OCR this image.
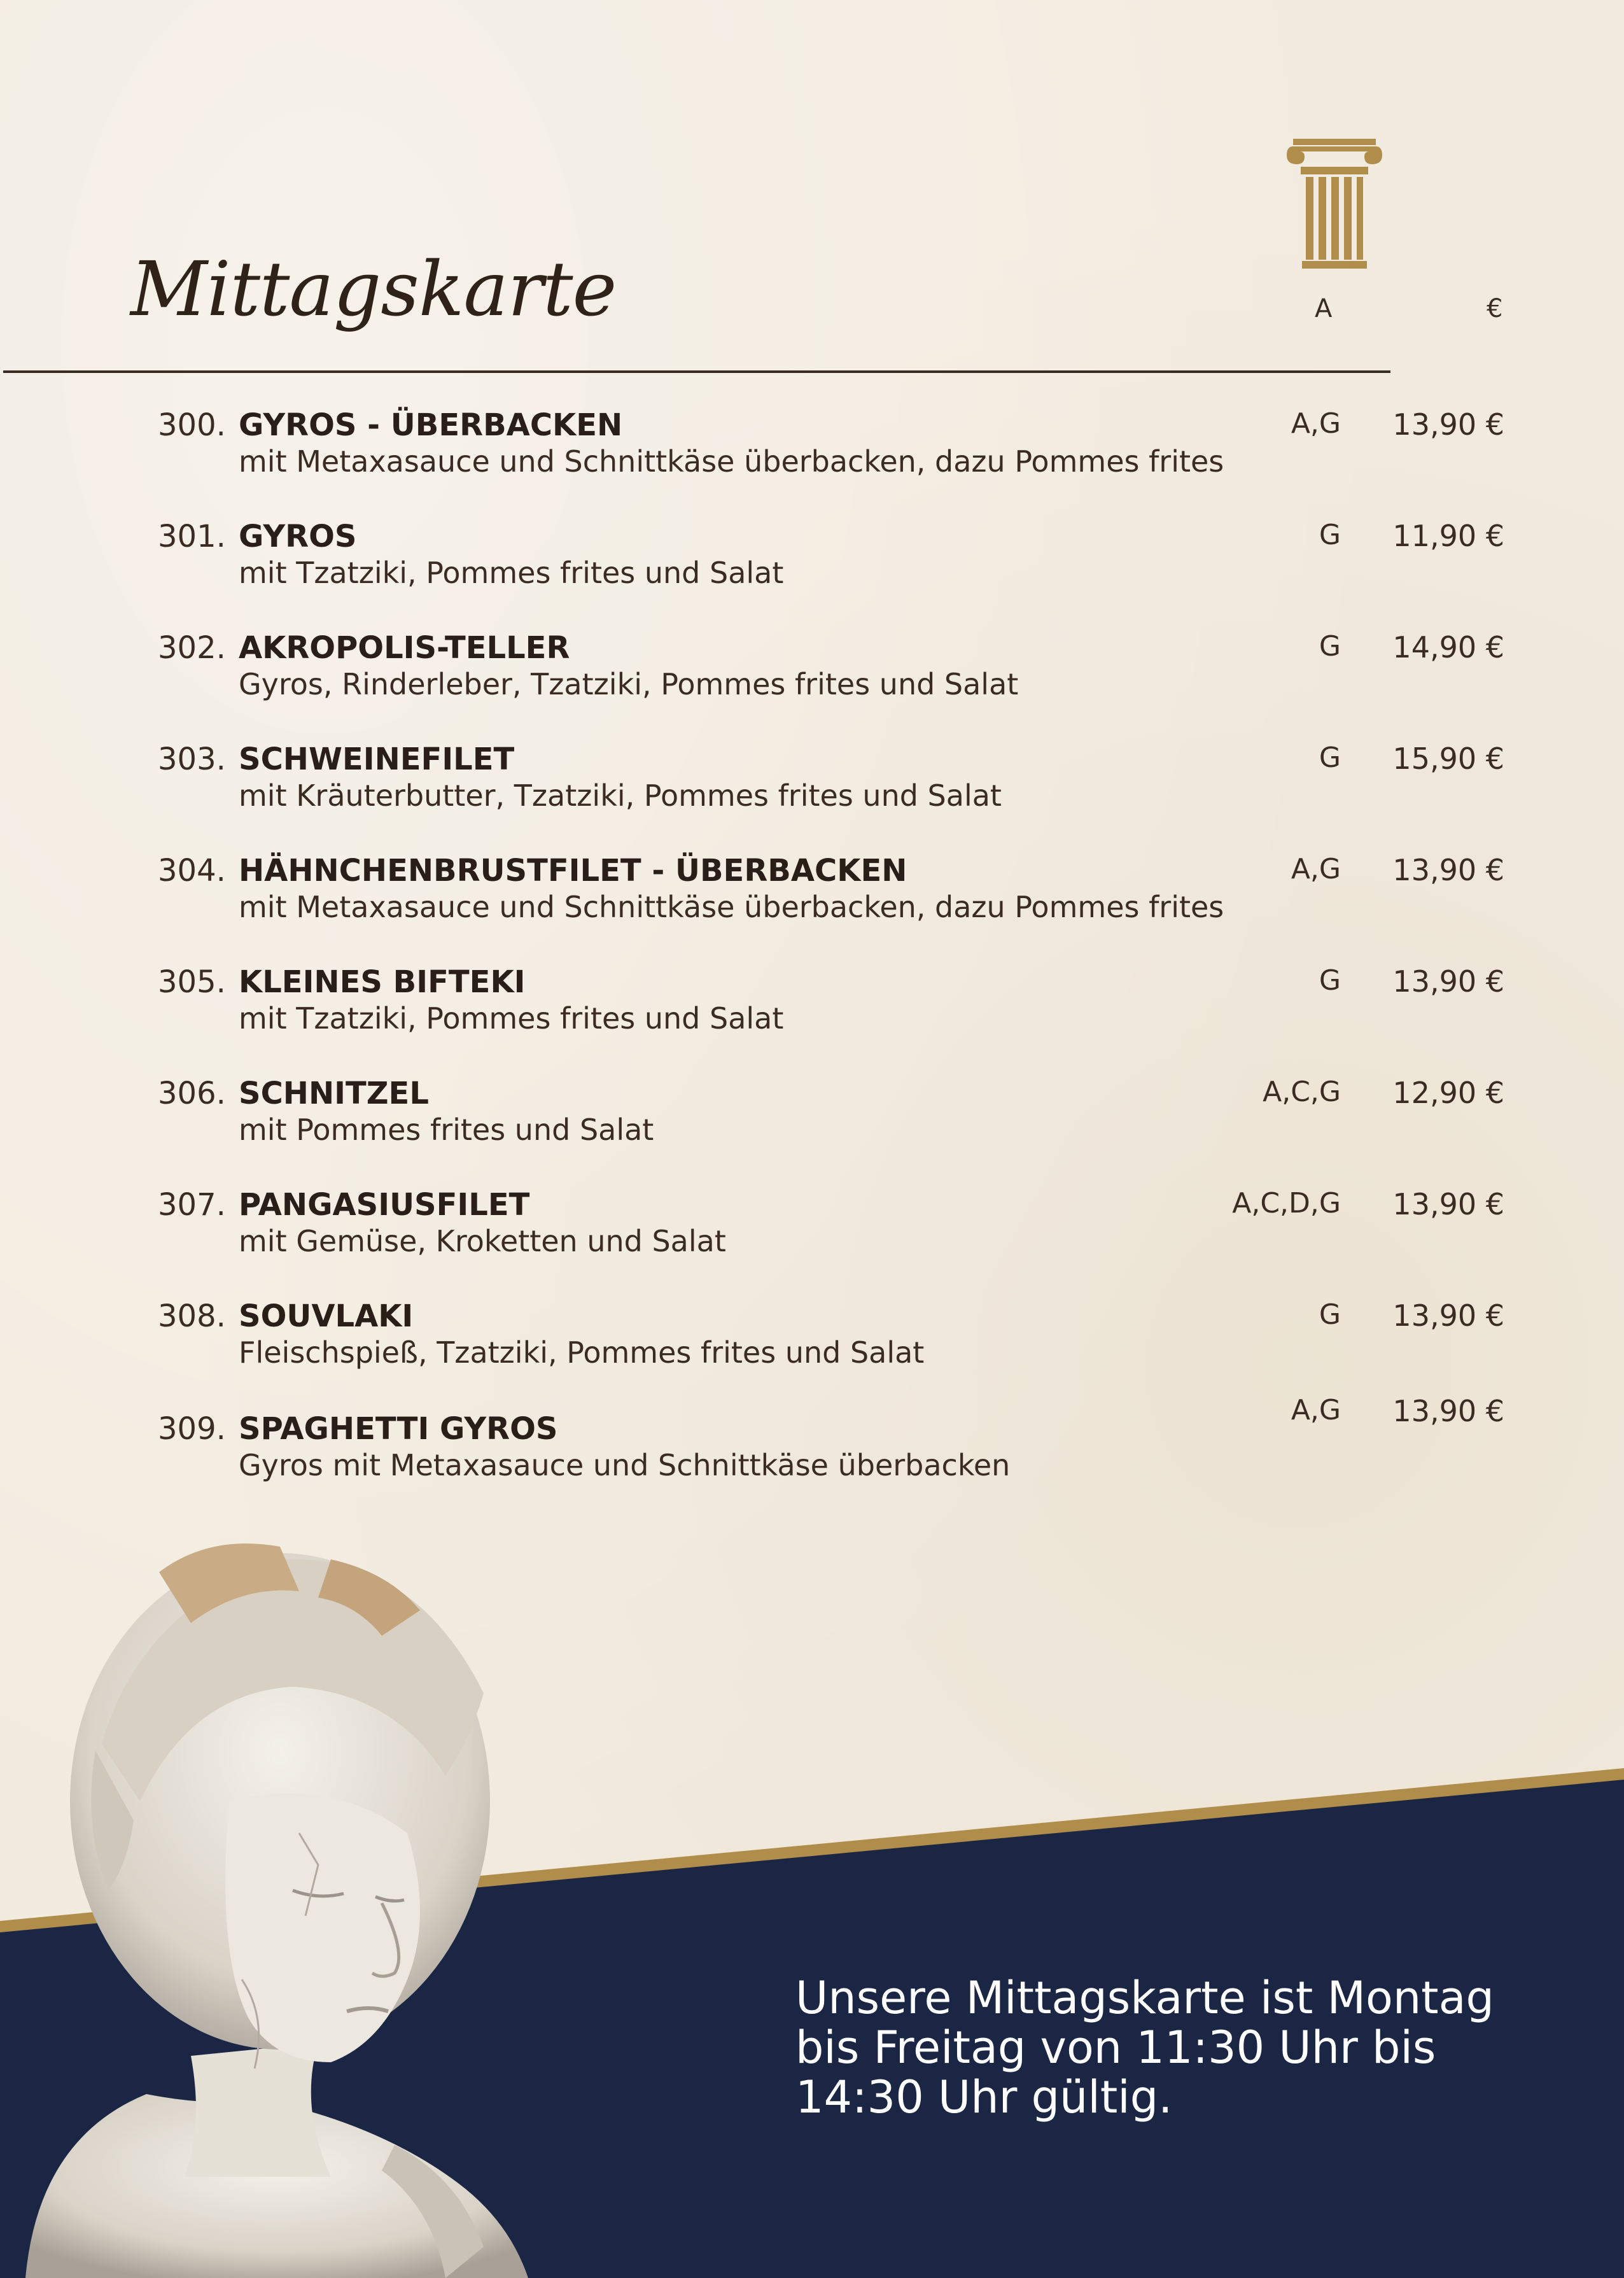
Mittagskarte	A	€
300. GYROS - ÜBERBACKEN
mit Metaxasauce und Schnittkäse überbacken, dazu Pommes frites
A,G 13,90 €
301. GYROS
mit Tzatziki, Pommes frites und Salat
G 11,90 €
302. AKROPOLIS-TELLER
Gyros, Rinderleber, Tzatziki, Pommes frites und Salat
G 14,90 €
303. SCHWEINEFILET
mit Kräuterbutter, Tzatziki, Pommes frites und Salat
G 15,90 €
304. HÄHNCHENBRUSTFILET - ÜBERBACKEN
mit Metaxasauce und Schnittkäse überbacken, dazu Pommes frites
A,G 13,90 €
305. KLEINES BIFTEKI
mit Tzatziki, Pommes frites und Salat
G 13,90 €
306. SCHNITZEL
mit Pommes frites und Salat
A,C,G 12,90 €
307. PANGASIUSFILET
mit Gemüse, Kroketten und Salat
A,C,D,G 13,90 €
308. SOUVLAKI
Fleischspieß, Tzatziki, Pommes frites und Salat
G 13,90 €
309. SPAGHETTI GYROS
Gyros mit Metaxasauce und Schnittkäse überbacken
A,G 13,90 €
Unsere Mittagskarte ist Montag
bis Freitag von 11:30 Uhr bis
14:30 Uhr gültig.
